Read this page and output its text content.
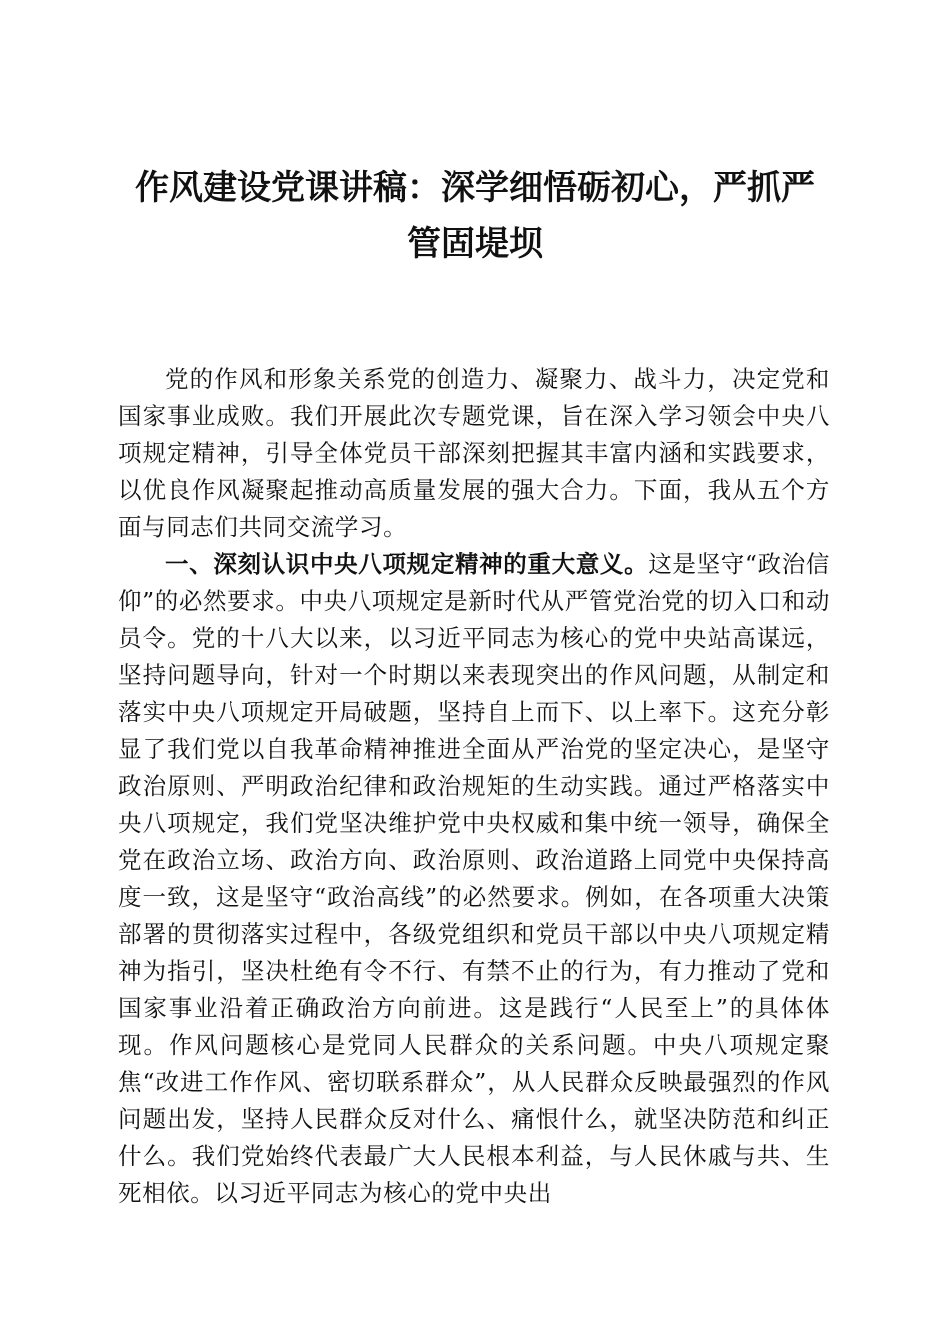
作风建设党课讲稿：深学细悟砺初心，严抓严
管固堤坝

党的作风和形象关系党的创造力、凝聚力、战斗力，决定党和国家事业成败。我们开展此次专题党课，旨在深入学习领会中央八项规定精神，引导全体党员干部深刻把握其丰富内涵和实践要求，以优良作风凝聚起推动高质量发展的强大合力。下面，我从五个方面与同志们共同交流学习。

一、深刻认识中央八项规定精神的重大意义。这是坚守“政治信仰”的必然要求。中央八项规定是新时代从严管党治党的切入口和动员令。党的十八大以来，以习近平同志为核心的党中央站高谋远，坚持问题导向，针对一个时期以来表现突出的作风问题，从制定和落实中央八项规定开局破题，坚持自上而下、以上率下。这充分彰显了我们党以自我革命精神推进全面从严治党的坚定决心，是坚守政治原则、严明政治纪律和政治规矩的生动实践。通过严格落实中央八项规定，我们党坚决维护党中央权威和集中统一领导，确保全党在政治立场、政治方向、政治原则、政治道路上同党中央保持高度一致，这是坚守“政治高线”的必然要求。例如，在各项重大决策部署的贯彻落实过程中，各级党组织和党员干部以中央八项规定精神为指引，坚决杜绝有令不行、有禁不止的行为，有力推动了党和国家事业沿着正确政治方向前进。这是践行“人民至上”的具体体现。作风问题核心是党同人民群众的关系问题。中央八项规定聚焦“改进工作作风、密切联系群众”，从人民群众反映最强烈的作风问题出发，坚持人民群众反对什么、痛恨什么，就坚决防范和纠正什么。我们党始终代表最广大人民根本利益，与人民休戚与共、生死相依。以习近平同志为核心的党中央出
